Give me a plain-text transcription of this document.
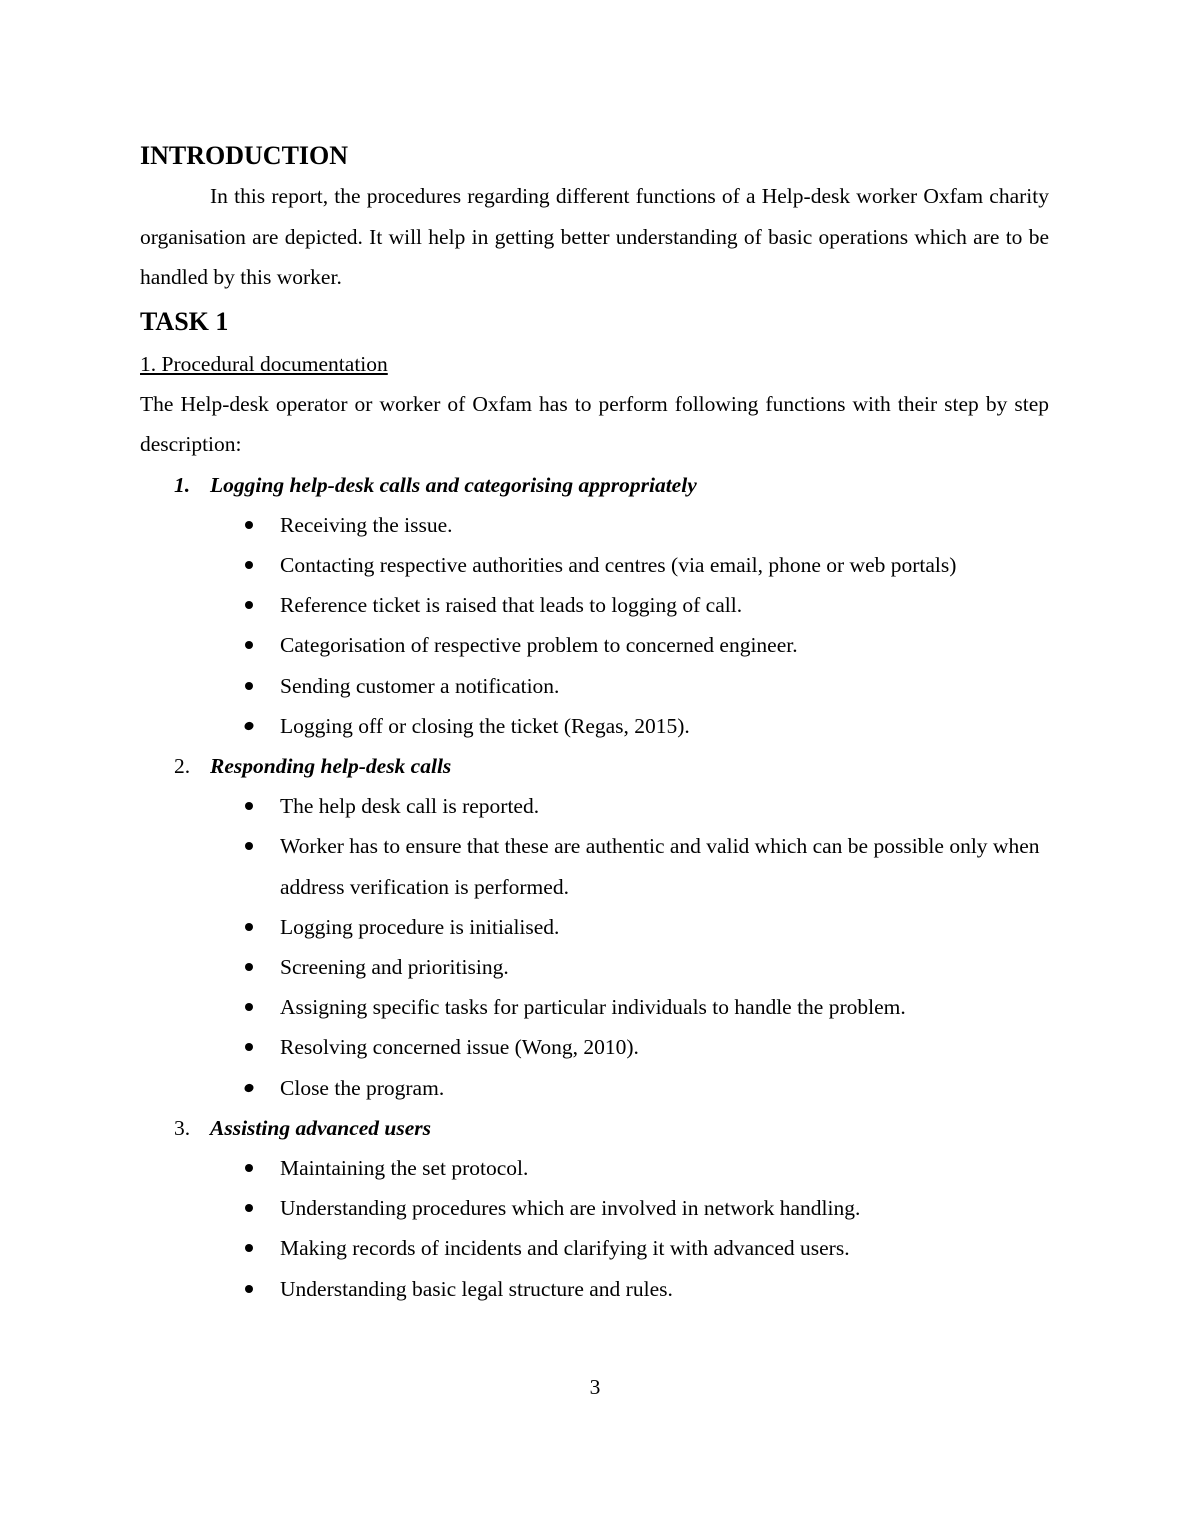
INTRODUCTION

In this report, the procedures regarding different functions of a Help-desk worker Oxfam charity organisation are depicted. It will help in getting better understanding of basic operations which are to be handled by this worker.

TASK 1

1. Procedural documentation

The Help-desk operator or worker of Oxfam has to perform following functions with their step by step description:

1. Logging help-desk calls and categorising appropriately
Receiving the issue.
Contacting respective authorities and centres (via email, phone or web portals)
Reference ticket is raised that leads to logging of call.
Categorisation of respective problem to concerned engineer.
Sending customer a notification.
Logging off or closing the ticket (Regas, 2015).
2. Responding help-desk calls
The help desk call is reported.
Worker has to ensure that these are authentic and valid which can be possible only when address verification is performed.
Logging procedure is initialised.
Screening and prioritising.
Assigning specific tasks for particular individuals to handle the problem.
Resolving concerned issue (Wong, 2010).
Close the program.
3. Assisting advanced users
Maintaining the set protocol.
Understanding procedures which are involved in network handling.
Making records of incidents and clarifying it with advanced users.
Understanding basic legal structure and rules.
3
